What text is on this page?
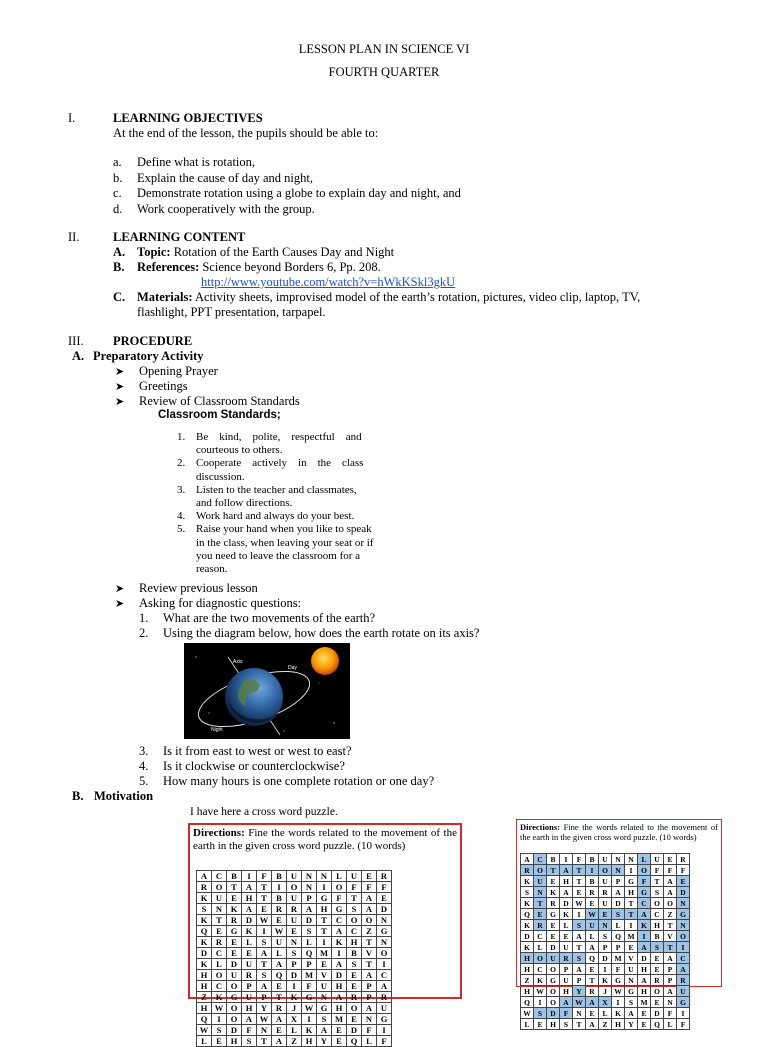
LESSON PLAN IN SCIENCE VI
FOURTH QUARTER
I.	LEARNING OBJECTIVES
At the end of the lesson, the pupils should be able to:
a. Define what is rotation,
b. Explain the cause of day and night,
c. Demonstrate rotation using a globe to explain day and night, and
d. Work cooperatively with the group.
II.	LEARNING CONTENT
A. Topic: Rotation of the Earth Causes Day and Night
B. References: Science beyond Borders 6, Pp. 208.
http://www.youtube.com/watch?v=hWkKSkl3gkU
C. Materials: Activity sheets, improvised model of the earth’s rotation, pictures, video clip, laptop, TV,
flashlight, PPT presentation, tarpapel.
III. PROCEDURE
A. Preparatory Activity
➤ Opening Prayer
➤ Greetings
➤ Review of Classroom Standards
Classroom Standards;
1. Be    kind,    polite,    respectful    and
courteous to others.
2. Cooperate    actively    in    the    class
discussion.
3. Listen to the teacher and classmates,
and follow directions.
4. Work hard and always do your best.
5. Raise your hand when you like to speak
in the class, when leaving your seat or if
you need to leave the classroom for a
reason.
➤ Review previous lesson
➤ Asking for diagnostic questions:
1. What are the two movements of the earth?
2. Using the diagram below, how does the earth rotate on its axis?
Axis
Day
Night
3. Is it from east to west or west to east?
4. Is it clockwise or counterclockwise?
5. How many hours is one complete rotation or one day?
B. Motivation
I have here a cross word puzzle.
Directions: Fine the words related to the movement of the earth in the given cross word puzzle. (10 words)
A	C	B	I	F	B	U	N	N	L	U	E	R
R	O	T	A	T	I	O	N	I	O	F	F	F
K	U	E	H	T	B	U	P	G	F	T	A	E
S	N	K	A	E	R	R	A	H	G	S	A	D
K	T	R	D	W	E	U	D	T	C	O	O	N
Q	E	G	K	I	W	E	S	T	A	C	Z	G
K	R	E	L	S	U	N	L	I	K	H	T	N
D	C	E	E	A	L	S	Q	M	I	B	V	O
K	L	D	U	T	A	P	P	E	A	S	T	I
H	O	U	R	S	Q	D	M	V	D	E	A	C
H	C	O	P	A	E	I	F	U	H	E	P	A
Z	K	G	U	P	T	K	G	N	A	R	P	R
H	W	O	H	Y	R	J	W	G	H	O	A	U
Q	I	O	A	W	A	X	I	S	M	E	N	G
W	S	D	F	N	E	L	K	A	E	D	F	I
L	E	H	S	T	A	Z	H	Y	E	Q	L	F
Directions: Fine the words related to the movement of the earth in the given cross word puzzle. (10 words)
A	C	B	I	F	B	U	N	N	L	U	E	R
R	O	T	A	T	I	O	N	I	O	F	F	F
K	U	E	H	T	B	U	P	G	F	T	A	E
S	N	K	A	E	R	R	A	H	G	S	A	D
K	T	R	D	W	E	U	D	T	C	O	O	N
Q	E	G	K	I	W	E	S	T	A	C	Z	G
K	R	E	L	S	U	N	L	I	K	H	T	N
D	C	E	E	A	L	S	Q	M	I	B	V	O
K	L	D	U	T	A	P	P	E	A	S	T	I
H	O	U	R	S	Q	D	M	V	D	E	A	C
H	C	O	P	A	E	I	F	U	H	E	P	A
Z	K	G	U	P	T	K	G	N	A	R	P	R
H	W	O	H	Y	R	J	W	G	H	O	A	U
Q	I	O	A	W	A	X	I	S	M	E	N	G
W	S	D	F	N	E	L	K	A	E	D	F	I
L	E	H	S	T	A	Z	H	Y	E	Q	L	F
